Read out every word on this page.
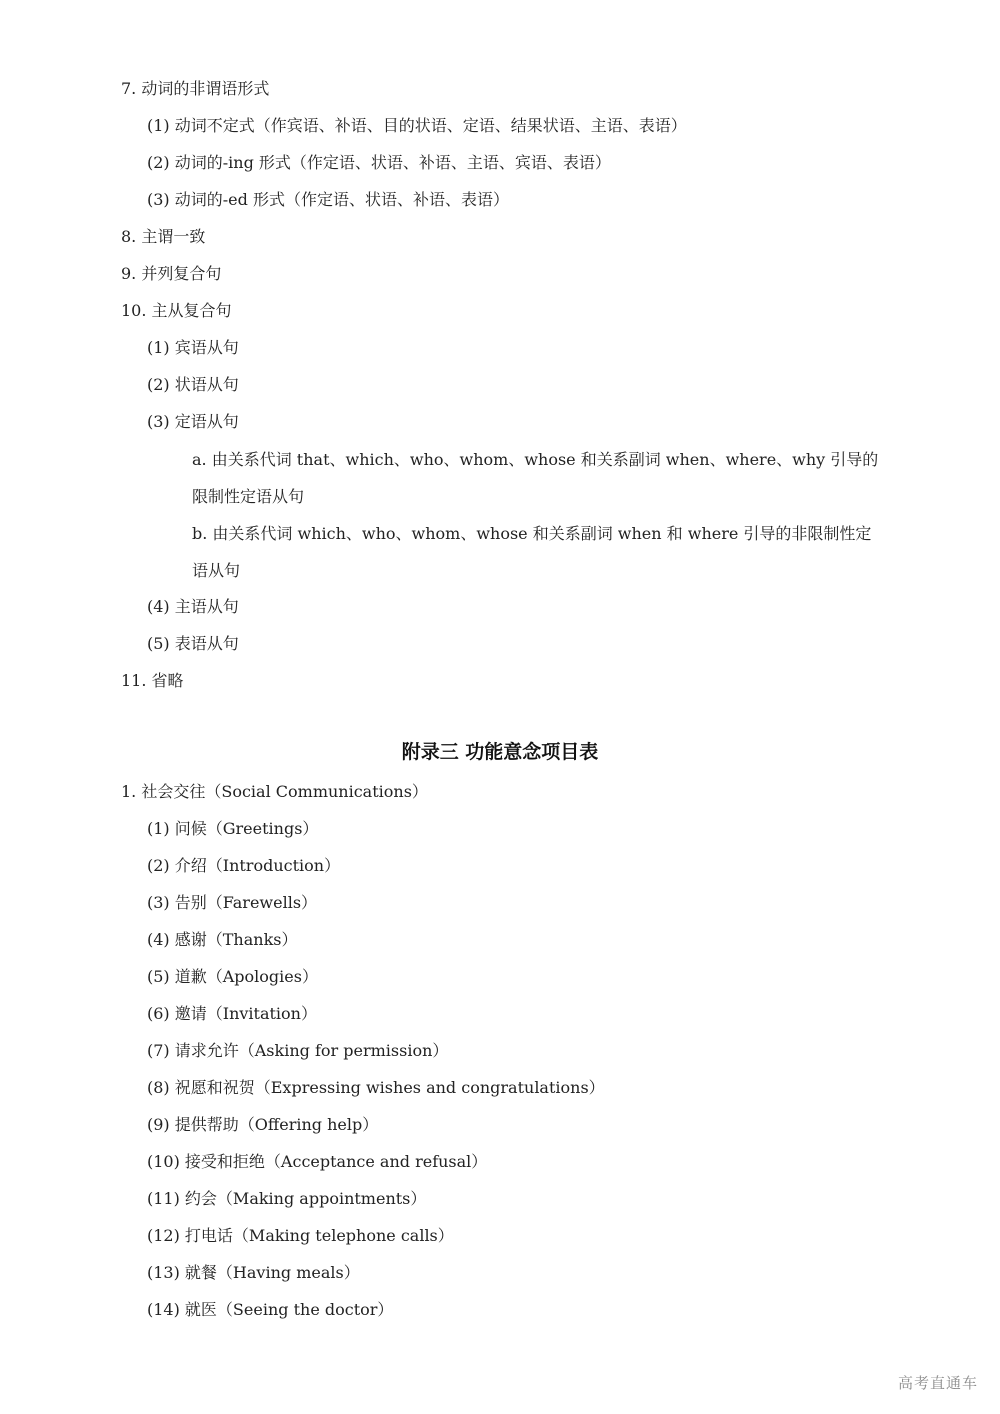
7. 动词的非谓语形式
(1) 动词不定式（作宾语、补语、目的状语、定语、结果状语、主语、表语）
(2) 动词的-ing 形式（作定语、状语、补语、主语、宾语、表语）
(3) 动词的-ed 形式（作定语、状语、补语、表语）
8. 主谓一致
9. 并列复合句
10. 主从复合句
(1) 宾语从句
(2) 状语从句
(3) 定语从句
a. 由关系代词 that、which、who、whom、whose 和关系副词 when、where、why 引导的限制性定语从句
b. 由关系代词 which、who、whom、whose 和关系副词 when 和 where 引导的非限制性定语从句
(4) 主语从句
(5) 表语从句
11. 省略
附录三 功能意念项目表
1. 社会交往（Social Communications）
(1) 问候（Greetings）
(2) 介绍（Introduction）
(3) 告别（Farewells）
(4) 感谢（Thanks）
(5) 道歉（Apologies）
(6) 邀请（Invitation）
(7) 请求允许（Asking for permission）
(8) 祝愿和祝贺（Expressing wishes and congratulations）
(9) 提供帮助（Offering help）
(10) 接受和拒绝（Acceptance and refusal）
(11) 约会（Making appointments）
(12) 打电话（Making telephone calls）
(13) 就餐（Having meals）
(14) 就医（Seeing the doctor）
高考直通车
